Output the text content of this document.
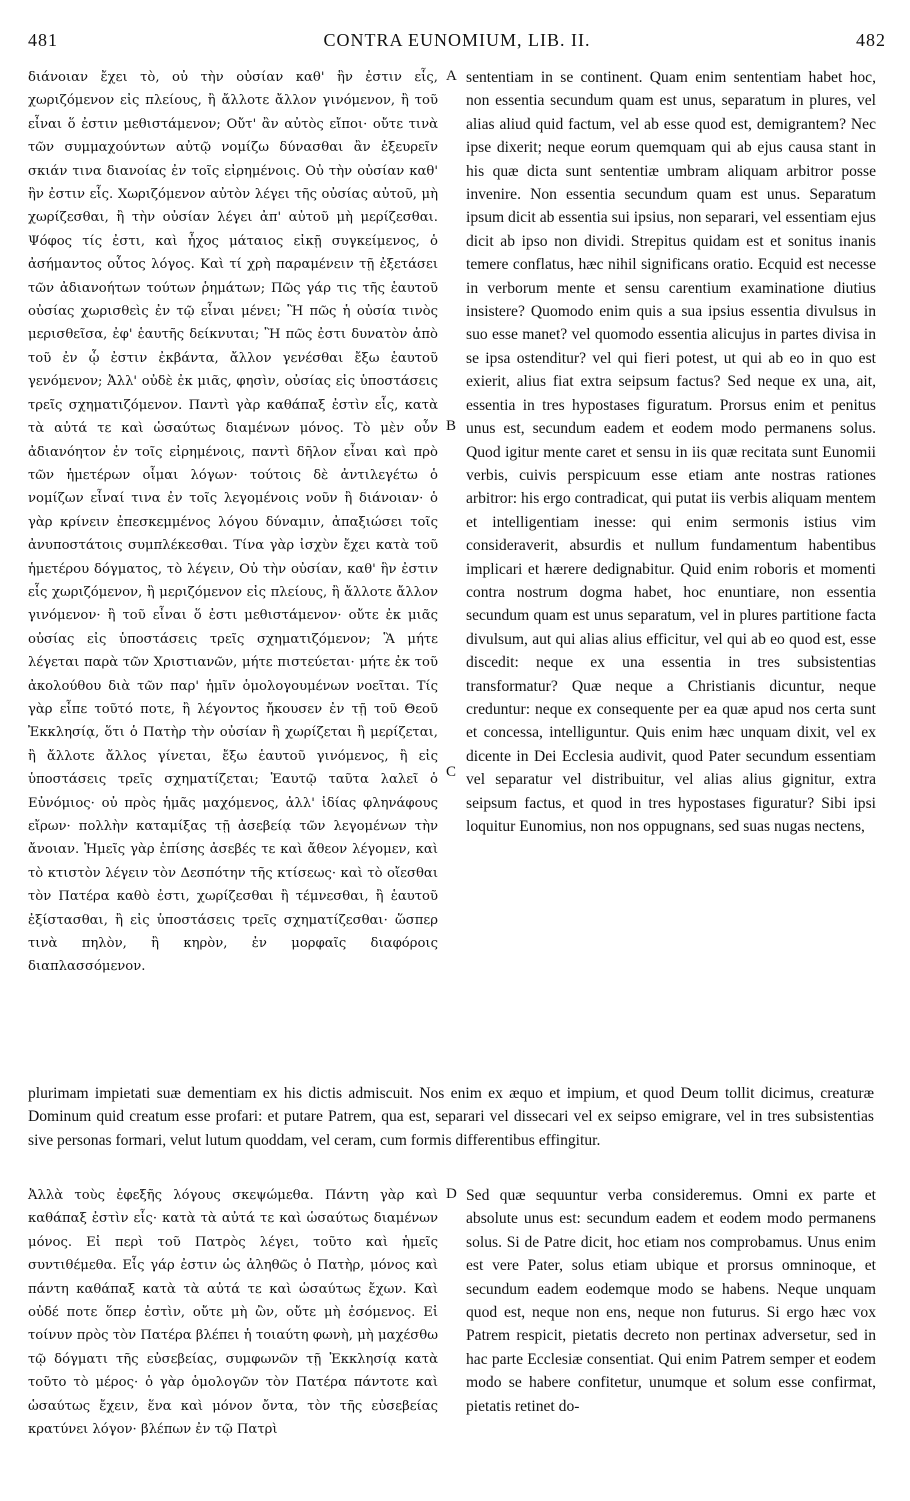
481	CONTRA EUNOMIUM, LIB. II.	482

διάνοιαν ἔχει τὸ, οὐ τὴν οὐσίαν καθ' ἣν ἐστιν εἷς, χωριζόμενον εἰς πλείους, ἢ ἄλλοτε ἄλλον γινόμενον, ἢ τοῦ εἶναι ὅ ἐστιν μεθιστάμενον; Οὔτ' ἂν αὐτὸς εἴποι· οὔτε τινὰ τῶν συμμαχούντων αὐτῷ νομίζω δύνασθαι ἂν ἐξευρεῖν σκιάν τινα διανοίας ἐν τοῖς εἰρημένοις. Οὐ τὴν οὐσίαν καθ' ἣν ἐστιν εἷς. Χωριζόμενον αὐτὸν λέγει τῆς οὐσίας αὐτοῦ, μὴ χωρίζεσθαι, ἢ τὴν οὐσίαν λέγει ἀπ' αὐτοῦ μὴ μερίζεσθαι. Ψόφος τίς ἐστι, καὶ ἦχος μάταιος εἰκῇ συγκείμενος, ὁ ἀσήμαντος οὗτος λόγος. Καὶ τί χρὴ παραμένειν τῇ ἐξετάσει τῶν ἀδιανοήτων τούτων ῥημάτων; Πῶς γάρ τις τῆς ἑαυτοῦ οὐσίας χωρισθεὶς ἐν τῷ εἶναι μένει; Ἢ πῶς ἡ οὐσία τινὸς μερισθεῖσα, ἐφ' ἑαυτῆς δείκνυται; Ἢ πῶς ἐστι δυνατὸν ἀπὸ τοῦ ἐν ᾧ ἐστιν ἐκβάντα, ἄλλον γενέσθαι ἔξω ἑαυτοῦ γενόμενον; Ἀλλ' οὐδὲ ἐκ μιᾶς, φησὶν, οὐσίας εἰς ὑποστάσεις τρεῖς σχηματιζόμενον. Παντὶ γὰρ καθάπαξ ἐστὶν εἷς, κατὰ τὰ αὐτά τε καὶ ὡσαύτως διαμένων μόνος. Τὸ μὲν οὖν ἀδιανόητον ἐν τοῖς εἰρημένοις, παντὶ δῆλον εἶναι καὶ πρὸ τῶν ἡμετέρων οἶμαι λόγων· τούτοις δὲ ἀντιλεγέτω ὁ νομίζων εἶναί τινα ἐν τοῖς λεγομένοις νοῦν ἢ διάνοιαν· ὁ γὰρ κρίνειν ἐπεσκεμμένος λόγου δύναμιν, ἀπαξιώσει τοῖς ἀνυποστάτοις συμπλέκεσθαι. Τίνα γὰρ ἰσχὺν ἔχει κατὰ τοῦ ἡμετέρου δόγματος, τὸ λέγειν, Οὐ τὴν οὐσίαν, καθ' ἣν ἐστιν εἷς χωριζόμενον, ἢ μεριζόμενον εἰς πλείους, ἢ ἄλλοτε ἄλλον γινόμενον· ἢ τοῦ εἶναι ὅ ἐστι μεθιστάμενον· οὔτε ἐκ μιᾶς οὐσίας εἰς ὑποστάσεις τρεῖς σχηματιζόμενον; Ἃ μήτε λέγεται παρὰ τῶν Χριστιανῶν, μήτε πιστεύεται· μήτε ἐκ τοῦ ἀκολούθου διὰ τῶν παρ' ἡμῖν ὁμολογουμένων νοεῖται. Τίς γὰρ εἶπε τοῦτό ποτε, ἢ λέγοντος ἤκουσεν ἐν τῇ τοῦ Θεοῦ Ἐκκλησίᾳ, ὅτι ὁ Πατὴρ τὴν οὐσίαν ἢ χωρίζεται ἢ μερίζεται, ἢ ἄλλοτε ἄλλος γίνεται, ἔξω ἑαυτοῦ γινόμενος, ἢ εἰς ὑποστάσεις τρεῖς σχηματίζεται; Ἑαυτῷ ταῦτα λαλεῖ ὁ Εὐνόμιος· οὐ πρὸς ἡμᾶς μαχόμενος, ἀλλ' ἰδίας φληνάφους εἴρων· πολλὴν καταμίξας τῇ ἀσεβείᾳ τῶν λεγομένων τὴν ἄνοιαν. Ἡμεῖς γὰρ ἐπίσης ἀσεβές τε καὶ ἄθεον λέγομεν, καὶ τὸ κτιστὸν λέγειν τὸν Δεσπότην τῆς κτίσεως· καὶ τὸ οἴεσθαι τὸν Πατέρα καθὸ ἐστι, χωρίζεσθαι ἢ τέμνεσθαι, ἢ ἑαυτοῦ ἐξίστασθαι, ἢ εἰς ὑποστάσεις τρεῖς σχηματίζεσθαι· ὥσπερ τινὰ πηλὸν, ἢ κηρὸν, ἐν μορφαῖς διαφόροις διαπλασσόμενον.

sententiam in se continent. Quam enim sententiam habet hoc, non essentia secundum quam est unus, separatum in plures, vel alias aliud quid factum, vel ab esse quod est, demigrantem? Nec ipse dixerit; neque eorum quemquam qui ab ejus causa stant in his quæ dicta sunt sententiæ umbram aliquam arbitror posse invenire. Non essentia secundum quam est unus. Separatum ipsum dicit ab essentia sui ipsius, non separari, vel essentiam ejus dicit ab ipso non dividi. Strepitus quidam est et sonitus inanis temere conflatus, hæc nihil significans oratio. Ecquid est necesse in verborum mente et sensu carentium examinatione diutius insistere? Quomodo enim quis a sua ipsius essentia divulsus in suo esse manet? vel quomodo essentia alicujus in partes divisa in se ipsa ostenditur? vel qui fieri potest, ut qui ab eo in quo est exierit, alius fiat extra seipsum factus? Sed neque ex una, ait, essentia in tres hypostases figuratum. Prorsus enim et penitus unus est, secundum eadem et eodem modo permanens solus. Quod igitur mente caret et sensu in iis quæ recitata sunt Eunomii verbis, cuivis perspicuum esse etiam ante nostras rationes arbitror: his ergo contradicat, qui putat iis verbis aliquam mentem et intelligentiam inesse: qui enim sermonis istius vim consideraverit, absurdis et nullum fundamentum habentibus implicari et hærere dedignabitur. Quid enim roboris et momenti contra nostrum dogma habet, hoc enuntiare, non essentia secundum quam est unus separatum, vel in plures partitione facta divulsum, aut qui alias alius efficitur, vel qui ab eo quod est, esse discedit: neque ex una essentia in tres subsistentias transformatur? Quæ neque a Christianis dicuntur, neque creduntur: neque ex consequente per ea quæ apud nos certa sunt et concessa, intelliguntur. Quis enim hæc unquam dixit, vel ex dicente in Dei Ecclesia audivit, quod Pater secundum essentiam vel separatur vel distribuitur, vel alias alius gignitur, extra seipsum factus, et quod in tres hypostases figuratur? Sibi ipsi loquitur Eunomius, non nos oppugnans, sed suas nugas nectens,

plurimam impietati suæ dementiam ex his dictis admiscuit. Nos enim ex æquo et impium, et quod Deum tollit dicimus, creaturæ Dominum quid creatum esse profari: et putare Patrem, qua est, separari vel dissecari vel ex seipso emigrare, vel in tres subsistentias sive personas formari, velut lutum quoddam, vel ceram, cum formis differentibus effingitur.

Ἀλλὰ τοὺς ἐφεξῆς λόγους σκεψώμεθα. Πάντη γὰρ καὶ καθάπαξ ἐστὶν εἷς· κατὰ τὰ αὐτά τε καὶ ὡσαύτως διαμένων μόνος. Εἰ περὶ τοῦ Πατρὸς λέγει, τοῦτο καὶ ἡμεῖς συντιθέμεθα. Εἷς γάρ ἐστιν ὡς ἀληθῶς ὁ Πατὴρ, μόνος καὶ πάντη καθάπαξ κατὰ τὰ αὐτά τε καὶ ὡσαύτως ἔχων. Καὶ οὐδέ ποτε ὅπερ ἐστὶν, οὔτε μὴ ὢν, οὔτε μὴ ἐσόμενος. Εἰ τοίνυν πρὸς τὸν Πατέρα βλέπει ἡ τοιαύτη φωνὴ, μὴ μαχέσθω τῷ δόγματι τῆς εὐσεβείας, συμφωνῶν τῇ Ἐκκλησίᾳ κατὰ τοῦτο τὸ μέρος· ὁ γὰρ ὁμολογῶν τὸν Πατέρα πάντοτε καὶ ὡσαύτως ἔχειν, ἕνα καὶ μόνον ὄντα, τὸν τῆς εὐσεβείας κρατύνει λόγον· βλέπων ἐν τῷ Πατρὶ

Sed quæ sequuntur verba consideremus. Omni ex parte et absolute unus est: secundum eadem et eodem modo permanens solus. Si de Patre dicit, hoc etiam nos comprobamus. Unus enim est vere Pater, solus etiam ubique et prorsus omninoque, et secundum eadem eodemque modo se habens. Neque unquam quod est, neque non ens, neque non futurus. Si ergo hæc vox Patrem respicit, pietatis decreto non pertinax adversetur, sed in hac parte Ecclesiæ consentiat. Qui enim Patrem semper et eodem modo se habere confitetur, unumque et solum esse confirmat, pietatis retinet do-

A
B
C
D
